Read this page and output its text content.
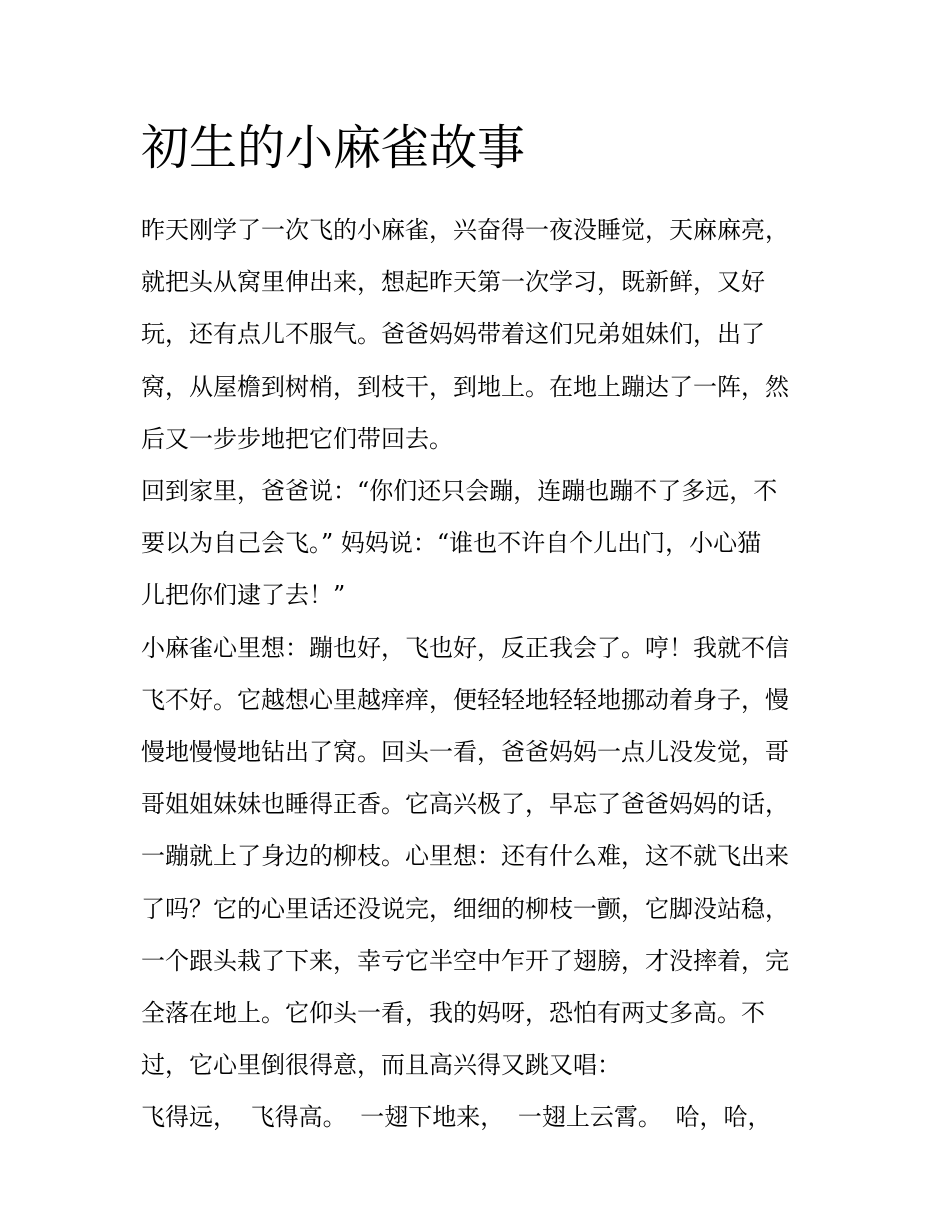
初生的小麻雀故事

昨天刚学了一次飞的小麻雀，兴奋得一夜没睡觉，天麻麻亮，

就把头从窝里伸出来，想起昨天第一次学习，既新鲜，又好

玩，还有点儿不服气。爸爸妈妈带着这们兄弟姐妹们，出了

窝，从屋檐到树梢，到枝干，到地上。在地上蹦达了一阵，然

后又一步步地把它们带回去。

回到家里，爸爸说：“你们还只会蹦，连蹦也蹦不了多远，不

要以为自己会飞。” 妈妈说：“谁也不许自个儿出门，小心猫

儿把你们逮了去！”

小麻雀心里想：蹦也好，飞也好，反正我会了。哼！我就不信

飞不好。它越想心里越痒痒，便轻轻地轻轻地挪动着身子，慢

慢地慢慢地钻出了窝。回头一看，爸爸妈妈一点儿没发觉，哥

哥姐姐妹妹也睡得正香。它高兴极了，早忘了爸爸妈妈的话，

一蹦就上了身边的柳枝。心里想：还有什么难，这不就飞出来

了吗？它的心里话还没说完，细细的柳枝一颤，它脚没站稳，

一个跟头栽了下来，幸亏它半空中乍开了翅膀，才没摔着，完

全落在地上。它仰头一看，我的妈呀，恐怕有两丈多高。不

过，它心里倒很得意，而且高兴得又跳又唱：

飞得远， 飞得高。 一翅下地来， 一翅上云霄。 哈，哈，
